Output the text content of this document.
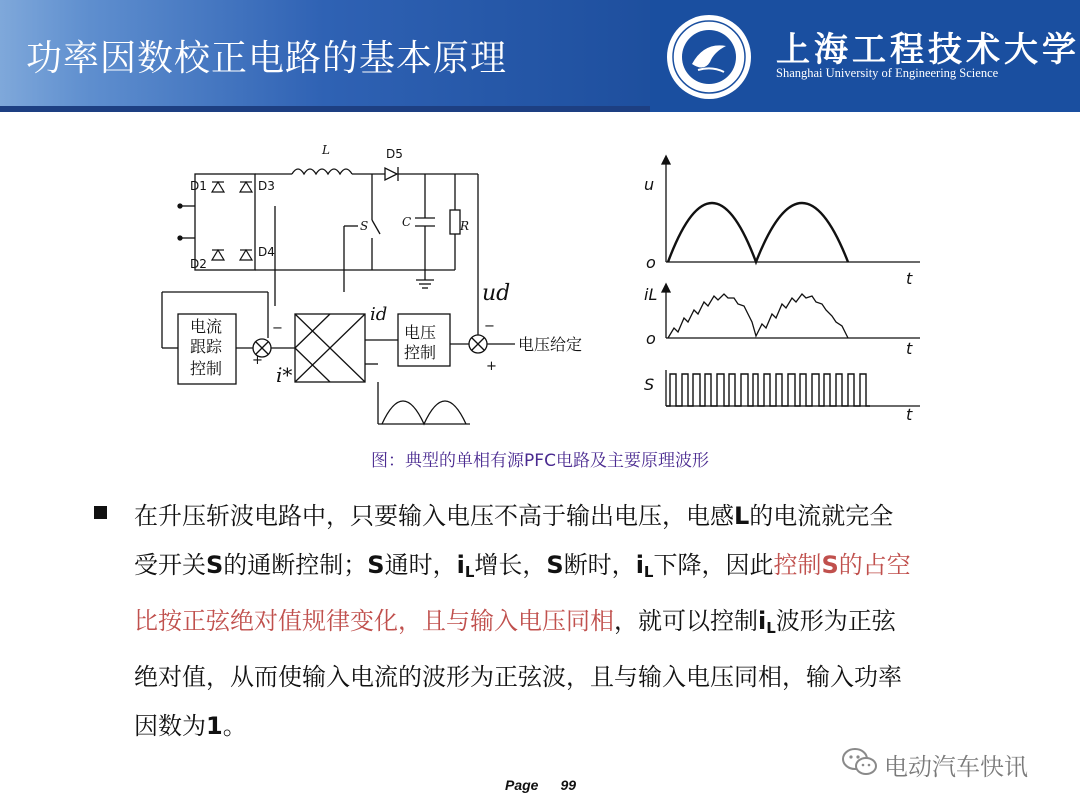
功率因数校正电路的基本原理	上海工程技术大学
Shanghai University of Engineering Science
L	D5
D1
D2
D3
D4
S	C	R
ud
id
i*
电流
跟踪
控制
电压
控制	电压给定
−
+
−
+
u
o
t
iL
o
t
S
t
图：典型的单相有源PFC电路及主要原理波形
在升压斩波电路中，只要输入电压不高于输出电压，电感L的电流就完全
受开关S的通断控制；S通时，$i_L$增长，S断时，$i_L$下降，因此控制S的占空
比按正弦绝对值规律变化，且与输入电压同相，就可以控制$i_L$波形为正弦
绝对值，从而使输入电流的波形为正弦波，且与输入电压同相，输入功率
因数为1。
Page 99
电动汽车快讯
